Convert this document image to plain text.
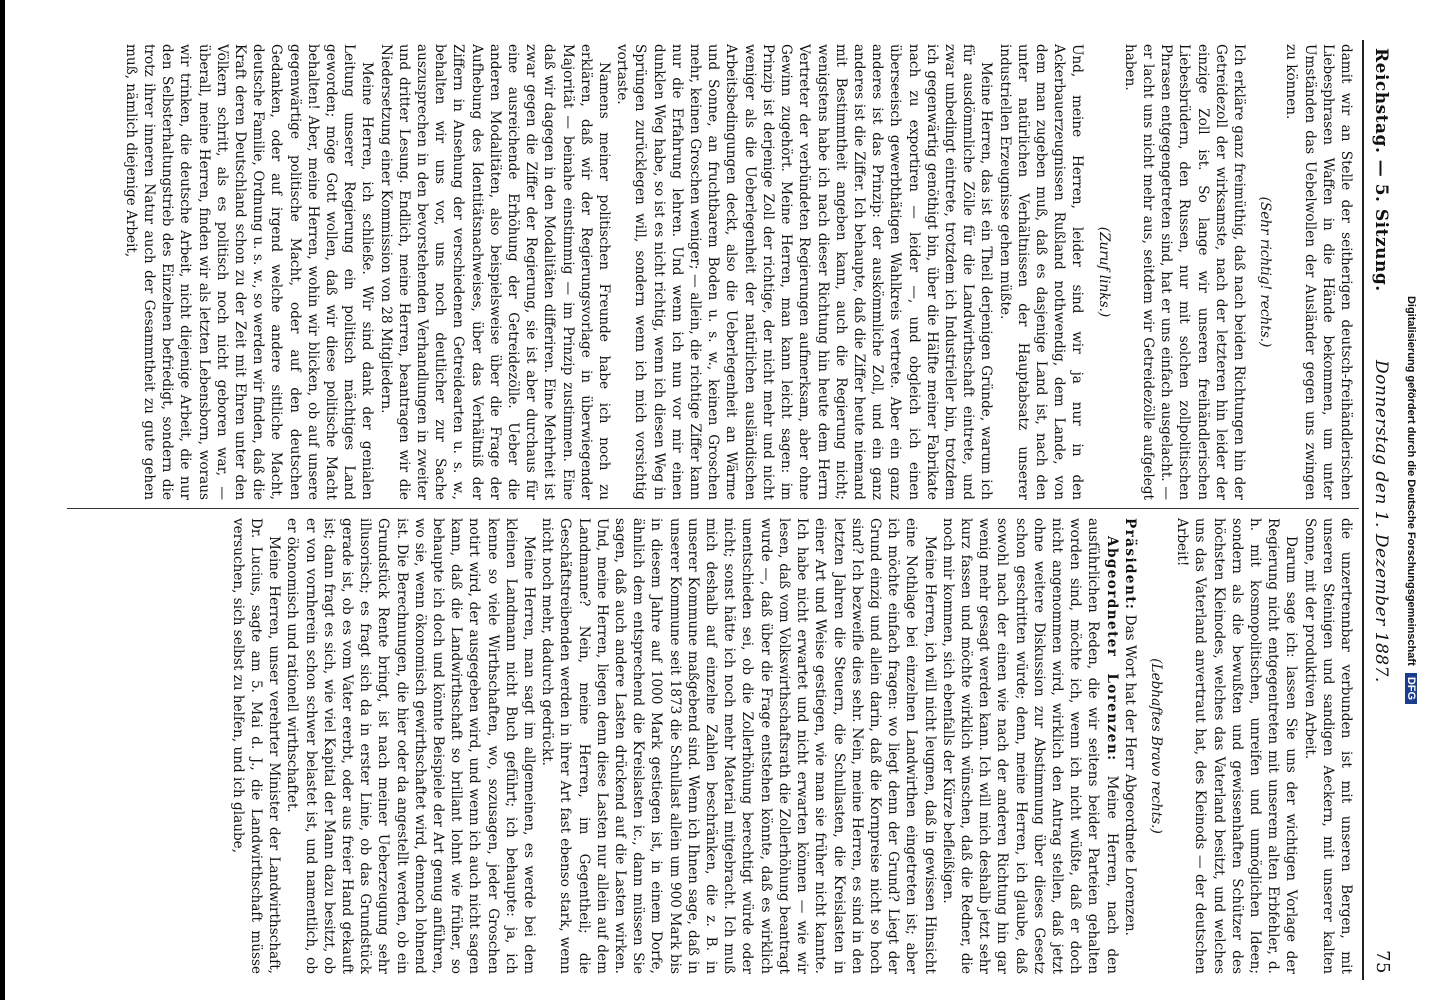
Reichstag. — 5. Sitzung.
Donnerstag den 1. Dezember 1887.
75

damit wir an Stelle der seitherigen deutsch-freihändlerischen Liebesphrasen Waffen in die Hände bekommen, um unter Umständen das Uebelwollen der Ausländer gegen uns zwingen zu können.

(Sehr richtig! rechts.)

Ich erkläre ganz freimüthig, daß nach beiden Richtungen hin der Getreidezoll der wirksamste, nach der letzteren hin leider der einzige Zoll ist. So lange wir unseren freihändlerischen Liebesbrüdern, den Russen, nur mit solchen zollpolitischen Phrasen entgegengetreten sind, hat er uns einfach ausgelacht. — er lacht uns nicht mehr aus, seitdem wir Getreidezölle aufgelegt haben.

(Zuruf links.)

Und, meine Herren, leider sind wir ja nur in den Ackerbauerzeugnissen Rußland nothwendig, dem Lande, von dem man zugeben muß, daß es dasjenige Land ist, nach den unter natürlichen Verhältnissen der Hauptabsatz unserer industriellen Erzeugnisse gehen müßte.

Meine Herren, das ist ein Theil derjenigen Gründe, warum ich für ausdömmliche Zölle für die Landwirthschaft eintrete, und zwar unbedingt eintrete, trotzdem ich Industrieller bin, trotzdem ich gegenwärtig genöthigt bin, über die Hälfte meiner Fabrikate nach zu exportiren — leider —, und obgleich ich einen überseeisch gewerbthätigen Wahlkreis vertrete. Aber ein ganz anderes ist das Prinzip: der auskömmliche Zoll, und ein ganz anderes ist die Ziffer. Ich behaupte, daß die Ziffer heute niemand mit Bestimmtheit angeben kann, auch die Regierung nicht; wenigstens habe ich nach dieser Richtung hin heute dem Herrn Vertreter der verbündeten Regierungen aufmerksam, aber ohne Gewinn zugehört. Meine Herren, man kann leicht sagen: im Prinzip ist derjenige Zoll der richtige, der nicht mehr und nicht weniger als die Ueberlegenheit der natürlichen ausländischen Arbeitsbedingungen deckt, also die Ueberlegenheit an Wärme und Sonne, an fruchtbarem Boden u. s. w., keinen Groschen mehr, keinen Groschen weniger; — allein, die richtige Ziffer kann nur die Erfahrung lehren. Und wenn ich nun vor mir einen dunklen Weg habe, so ist es nicht richtig, wenn ich diesen Weg in Sprüngen zurücklegen will, sondern wenn ich mich vorsichtig vortaste.

Namens meiner politischen Freunde habe ich noch zu erklären, daß wir der Regierungsvorlage in überwiegender Majorität — beinahe einstimmig — im Prinzip zustimmen. Eine daß wir dagegen in den Modalitäten differiren. Eine Mehrheit ist zwar gegen die Ziffer der Regierung, sie ist aber durchaus für eine ausreichende Erhöhung der Getreidezölle. Ueber die anderen Modalitäten, also beispielsweise über die Frage der Aufhebung des Identitätsnachweises, über das Verhältniß der Ziffern in Ansehung der verschiedenen Getreidearten u. s. w., behalten wir uns vor, uns noch deutlicher zur Sache auszusprechen in den bevorstehenden Verhandlungen in zweiter und dritter Lesung. Endlich, meine Herren, beantragen wir die Niedersetzung einer Kommission von 28 Mitgliedern.

Meine Herren, ich schließe. Wir sind dank der genialen Leitung unserer Regierung ein politisch mächtiges Land geworden; möge Gott wollen, daß wir diese politische Macht behalten! Aber, meine Herren, wohin wir blicken, ob auf unsere gegenwärtige politische Macht, oder auf den deutschen Gedanken, oder auf irgend welche andere sittliche Macht, deutsche Familie, Ordnung u. s. w., so werden wir finden, daß die Kraft deren Deutschland schon zu der Zeit mit Ehren unter den Völkern schritt, als es politisch noch nicht geboren war, — überall, meine Herren, finden wir als letzten Lebensborn, woraus wir trinken, die deutsche Arbeit, nicht diejenige Arbeit, die nur den Selbsterhaltungstrieb des Einzelnen befriedigt, sondern die trotz ihrer inneren Natur auch der Gesammtheit zu gute gehen muß, nämlich diejenige Arbeit,

die unzertrennbar verbunden ist mit unseren Bergen, mit unseren Steinigen und sandigen Aeckern, mit unserer kalten Sonne, mit der produktiven Arbeit.

Darum sage ich: lassen Sie uns der wichtigen Vorlage der Regierung nicht entgegentreten mit unserem alten Erbfehler, d. h. mit kosmopolitischen, unreifen und unmöglichen Ideen; sondern als die bewußten und gewissenhaften Schützer des höchsten Kleinodes, welches das Vaterland besitzt, und welches uns das Vaterland anvertraut hat, des Kleinods — der deutschen Arbeit!

(Lebhaftes Bravo rechts.)

Präsident: Das Wort hat der Herr Abgeordnete Lorenzen.

Abgeordneter Lorenzen: Meine Herren, nach den ausführlichen Reden, die wir seitens beider Parteien gehalten worden sind, möchte ich, wenn ich nicht wüßte, daß er doch nicht angenommen wird, wirklich den Antrag stellen, daß jetzt ohne weitere Diskussion zur Abstimmung über dieses Gesetz schon geschritten würde; denn, meine Herren, ich glaube, daß sowohl nach der einen wie nach der anderen Richtung hin gar wenig mehr gesagt werden kann. Ich will mich deshalb jetzt sehr kurz fassen und möchte wirklich wünschen, daß die Redner, die noch mir kommen, sich ebenfalls der Kürze befleißigen.

Meine Herren, ich will nicht leugnen, daß in gewissen Hinsicht eine Nothlage bei einzelnen Landwirthen eingetreten ist; aber ich möchte einfach fragen: wo liegt denn der Grund? Liegt der Grund einzig und allein darin, daß die Kornpreise nicht so hoch sind? Ich bezweifle dies sehr. Nein, meine Herren, es sind in den letzten Jahren die Steuern, die Schullasten, die Kreislasten in einer Art und Weise gestiegen, wie man sie früher nicht kannte. Ich habe nicht erwartet und nicht erwarten können — wie wir lesen, daß vom Volkswirthschaftsrath die Zollerhöhung beantragt wurde —, daß über die Frage entstehen könnte, daß es wirklich unentschieden sei, ob die Zollerhöhung berechtigt würde oder nicht; sonst hätte ich noch mehr Material mitgebracht. Ich muß mich deshalb auf einzelne Zahlen beschränken, die z. B. in unserer Kommune maßgebend sind. Wenn ich Ihnen sage, daß in unserer Kommune seit 1873 die Schullast allein um 900 Mark bis in diesem Jahre auf 1000 Mark gestiegen ist, in einem Dorfe, ähnlich dem entsprechend die Kreislasten ic., dann müssen Sie sagen, daß auch andere Lasten drückend auf die Lasten wirken. Und, meine Herren, liegen denn diese Lasten nur allein auf dem Landmanne? Nein, meine Herren, im Gegentheil; die Geschäftstreibenden werden in ihrer Art fast ebenso stark, wenn nicht noch mehr, dadurch gedrückt.

Meine Herren, man sagt im allgemeinen, es werde bei dem kleinen Landmann nicht Buch geführt; ich behaupte: ja, ich kenne so viele Wirthschaften, wo, sozusagen, jeder Groschen notirt wird, der ausgegeben wird, und wenn ich auch nicht sagen kann, daß die Landwirthschaft so brillant lohnt wie früher, so behaupte ich doch und könnte Beispiele der Art genug anführen, wo sie, wenn ökonomisch gewirthschaftet wird, dennoch lohnend ist. Die Berechnungen, die hier oder da angestellt werden, ob ein Grundstück Rente bringt, ist nach meiner Ueberzeugung sehr illusorisch; es fragt sich da in erster Linie, ob das Grundstück gerade ist, ob es vom Vater ererbt, oder aus freier Hand gekauft ist; dann fragt es sich, wie viel Kapital der Mann dazu besitzt, ob er von vornherein schon schwer belastet ist, und namentlich, ob er ökonomisch und rationell wirthschaftet.

Meine Herren, unser verehrter Minister der Landwirthschaft, Dr. Lucius, sagte am 5. Mai d. J., die Landwirthschaft müsse versuchen, sich selbst zu helfen, und ich glaube,

Digitalisierung gefördert durch die Deutsche Forschungsgemeinschaft DFG
